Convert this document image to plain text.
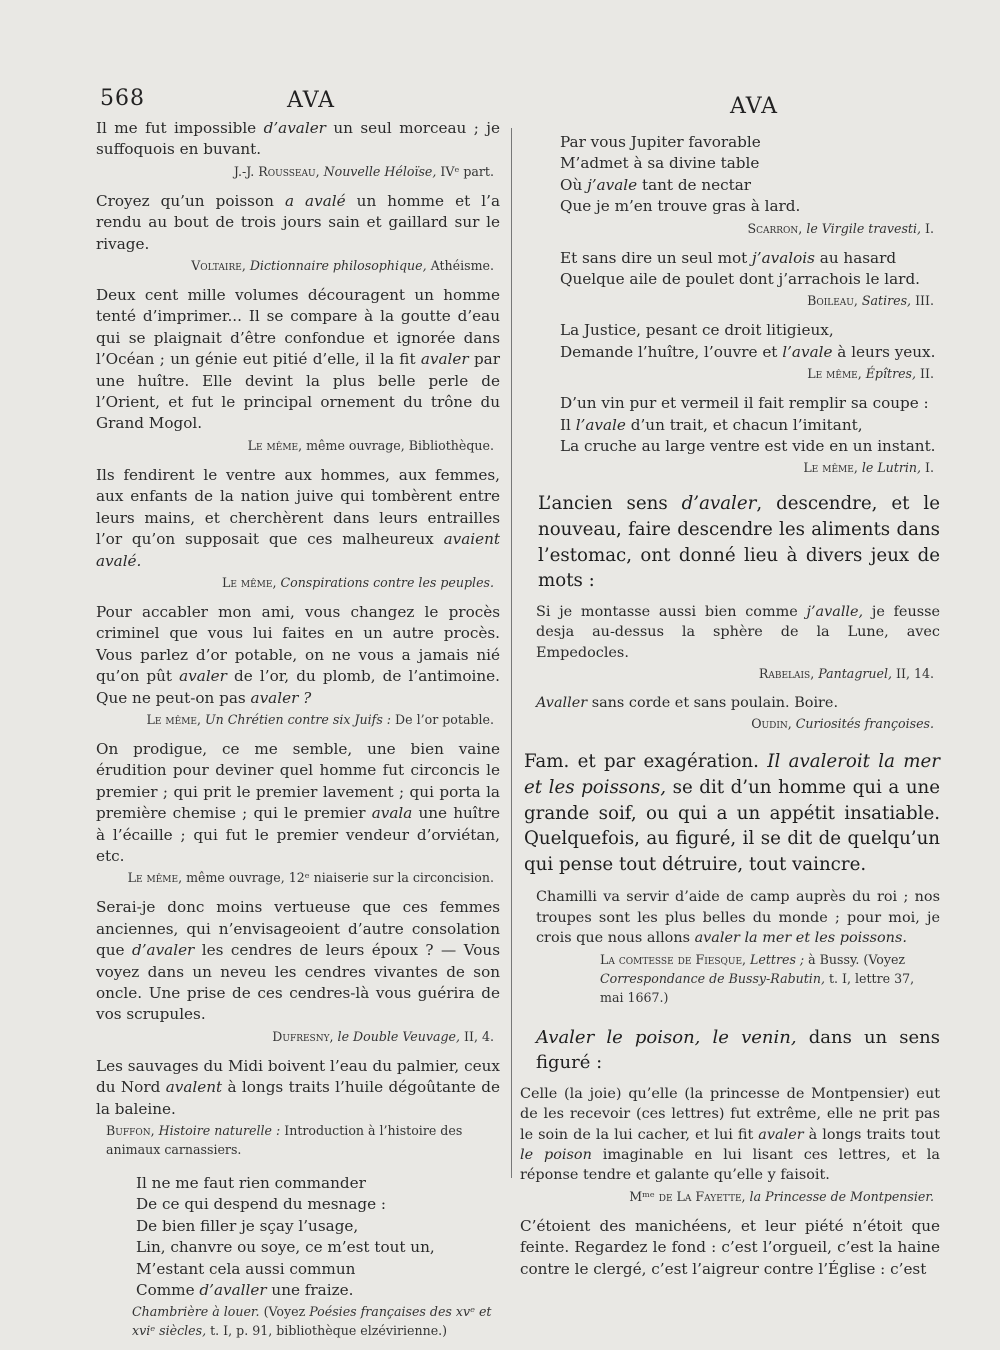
568	AVA	AVA

Il me fut impossible d’avaler un seul morceau ; je suffoquois en buvant.

J.-J. Rousseau, Nouvelle Héloïse, IVᵉ part.

Croyez qu’un poisson a avalé un homme et l’a rendu au bout de trois jours sain et gaillard sur le rivage.

Voltaire, Dictionnaire philosophique, Athéisme.

Deux cent mille volumes découragent un homme tenté d’imprimer... Il se compare à la goutte d’eau qui se plaignait d’être confondue et ignorée dans l’Océan ; un génie eut pitié d’elle, il la fit avaler par une huître. Elle devint la plus belle perle de l’Orient, et fut le principal ornement du trône du Grand Mogol.

Le même, même ouvrage, Bibliothèque.

Ils fendirent le ventre aux hommes, aux femmes, aux enfants de la nation juive qui tombèrent entre leurs mains, et cherchèrent dans leurs entrailles l’or qu’on supposait que ces malheureux avaient avalé.

Le même, Conspirations contre les peuples.

Pour accabler mon ami, vous changez le procès criminel que vous lui faites en un autre procès. Vous parlez d’or potable, on ne vous a jamais nié qu’on pût avaler de l’or, du plomb, de l’antimoine. Que ne peut-on pas avaler ?

Le même, Un Chrétien contre six Juifs : De l’or potable.

On prodigue, ce me semble, une bien vaine érudition pour deviner quel homme fut circoncis le premier ; qui prit le premier lavement ; qui porta la première chemise ; qui le premier avala une huître à l’écaille ; qui fut le premier vendeur d’orviétan, etc.

Le même, même ouvrage, 12ᵉ niaiserie sur la circoncision.

Serai-je donc moins vertueuse que ces femmes anciennes, qui n’envisageoient d’autre consolation que d’avaler les cendres de leurs époux ? — Vous voyez dans un neveu les cendres vivantes de son oncle. Une prise de ces cendres-là vous guérira de vos scrupules.

Dufresny, le Double Veuvage, II, 4.

Les sauvages du Midi boivent l’eau du palmier, ceux du Nord avalent à longs traits l’huile dégoûtante de la baleine.

Buffon, Histoire naturelle : Introduction à l’histoire des animaux carnassiers.

Il ne me faut rien commander
De ce qui despend du mesnage :
De bien filler je sçay l’usage,
Lin, chanvre ou soye, ce m’est tout un,
M’estant cela aussi commun
Comme d’avaller une fraize.

Chambrière à louer. (Voyez Poésies françaises des xvᵉ et xviᵉ siècles, t. I, p. 91, bibliothèque elzévirienne.)

Par vous Jupiter favorable
M’admet à sa divine table
Où j’avale tant de nectar
Que je m’en trouve gras à lard.

Scarron, le Virgile travesti, I.

Et sans dire un seul mot j’avalois au hasard
Quelque aile de poulet dont j’arrachois le lard.

Boileau, Satires, III.

La Justice, pesant ce droit litigieux,
Demande l’huître, l’ouvre et l’avale à leurs yeux.

Le même, Épîtres, II.

D’un vin pur et vermeil il fait remplir sa coupe :
Il l’avale d’un trait, et chacun l’imitant,
La cruche au large ventre est vide en un instant.

Le même, le Lutrin, I.

L’ancien sens d’avaler, descendre, et le nouveau, faire descendre les aliments dans l’estomac, ont donné lieu à divers jeux de mots :

Si je montasse aussi bien comme j’avalle, je feusse desja au-dessus la sphère de la Lune, avec Empedocles.

Rabelais, Pantagruel, II, 14.

Avaller sans corde et sans poulain. Boire.

Oudin, Curiosités françoises.

Fam. et par exagération. Il avaleroit la mer et les poissons, se dit d’un homme qui a une grande soif, ou qui a un appétit insatiable. Quelquefois, au figuré, il se dit de quelqu’un qui pense tout détruire, tout vaincre.

Chamilli va servir d’aide de camp auprès du roi ; nos troupes sont les plus belles du monde ; pour moi, je crois que nous allons avaler la mer et les poissons.

La comtesse de Fiesque, Lettres ; à Bussy. (Voyez Correspondance de Bussy-Rabutin, t. I, lettre 37, mai 1667.)

Avaler le poison, le venin, dans un sens figuré :

Celle (la joie) qu’elle (la princesse de Montpensier) eut de les recevoir (ces lettres) fut extrême, elle ne prit pas le soin de la lui cacher, et lui fit avaler à longs traits tout le poison imaginable en lui lisant ces lettres, et la réponse tendre et galante qu’elle y faisoit.

Mᵐᵉ de La Fayette, la Princesse de Montpensier.

C’étoient des manichéens, et leur piété n’étoit que feinte. Regardez le fond : c’est l’orgueil, c’est la haine contre le clergé, c’est l’aigreur contre l’Église : c’est
